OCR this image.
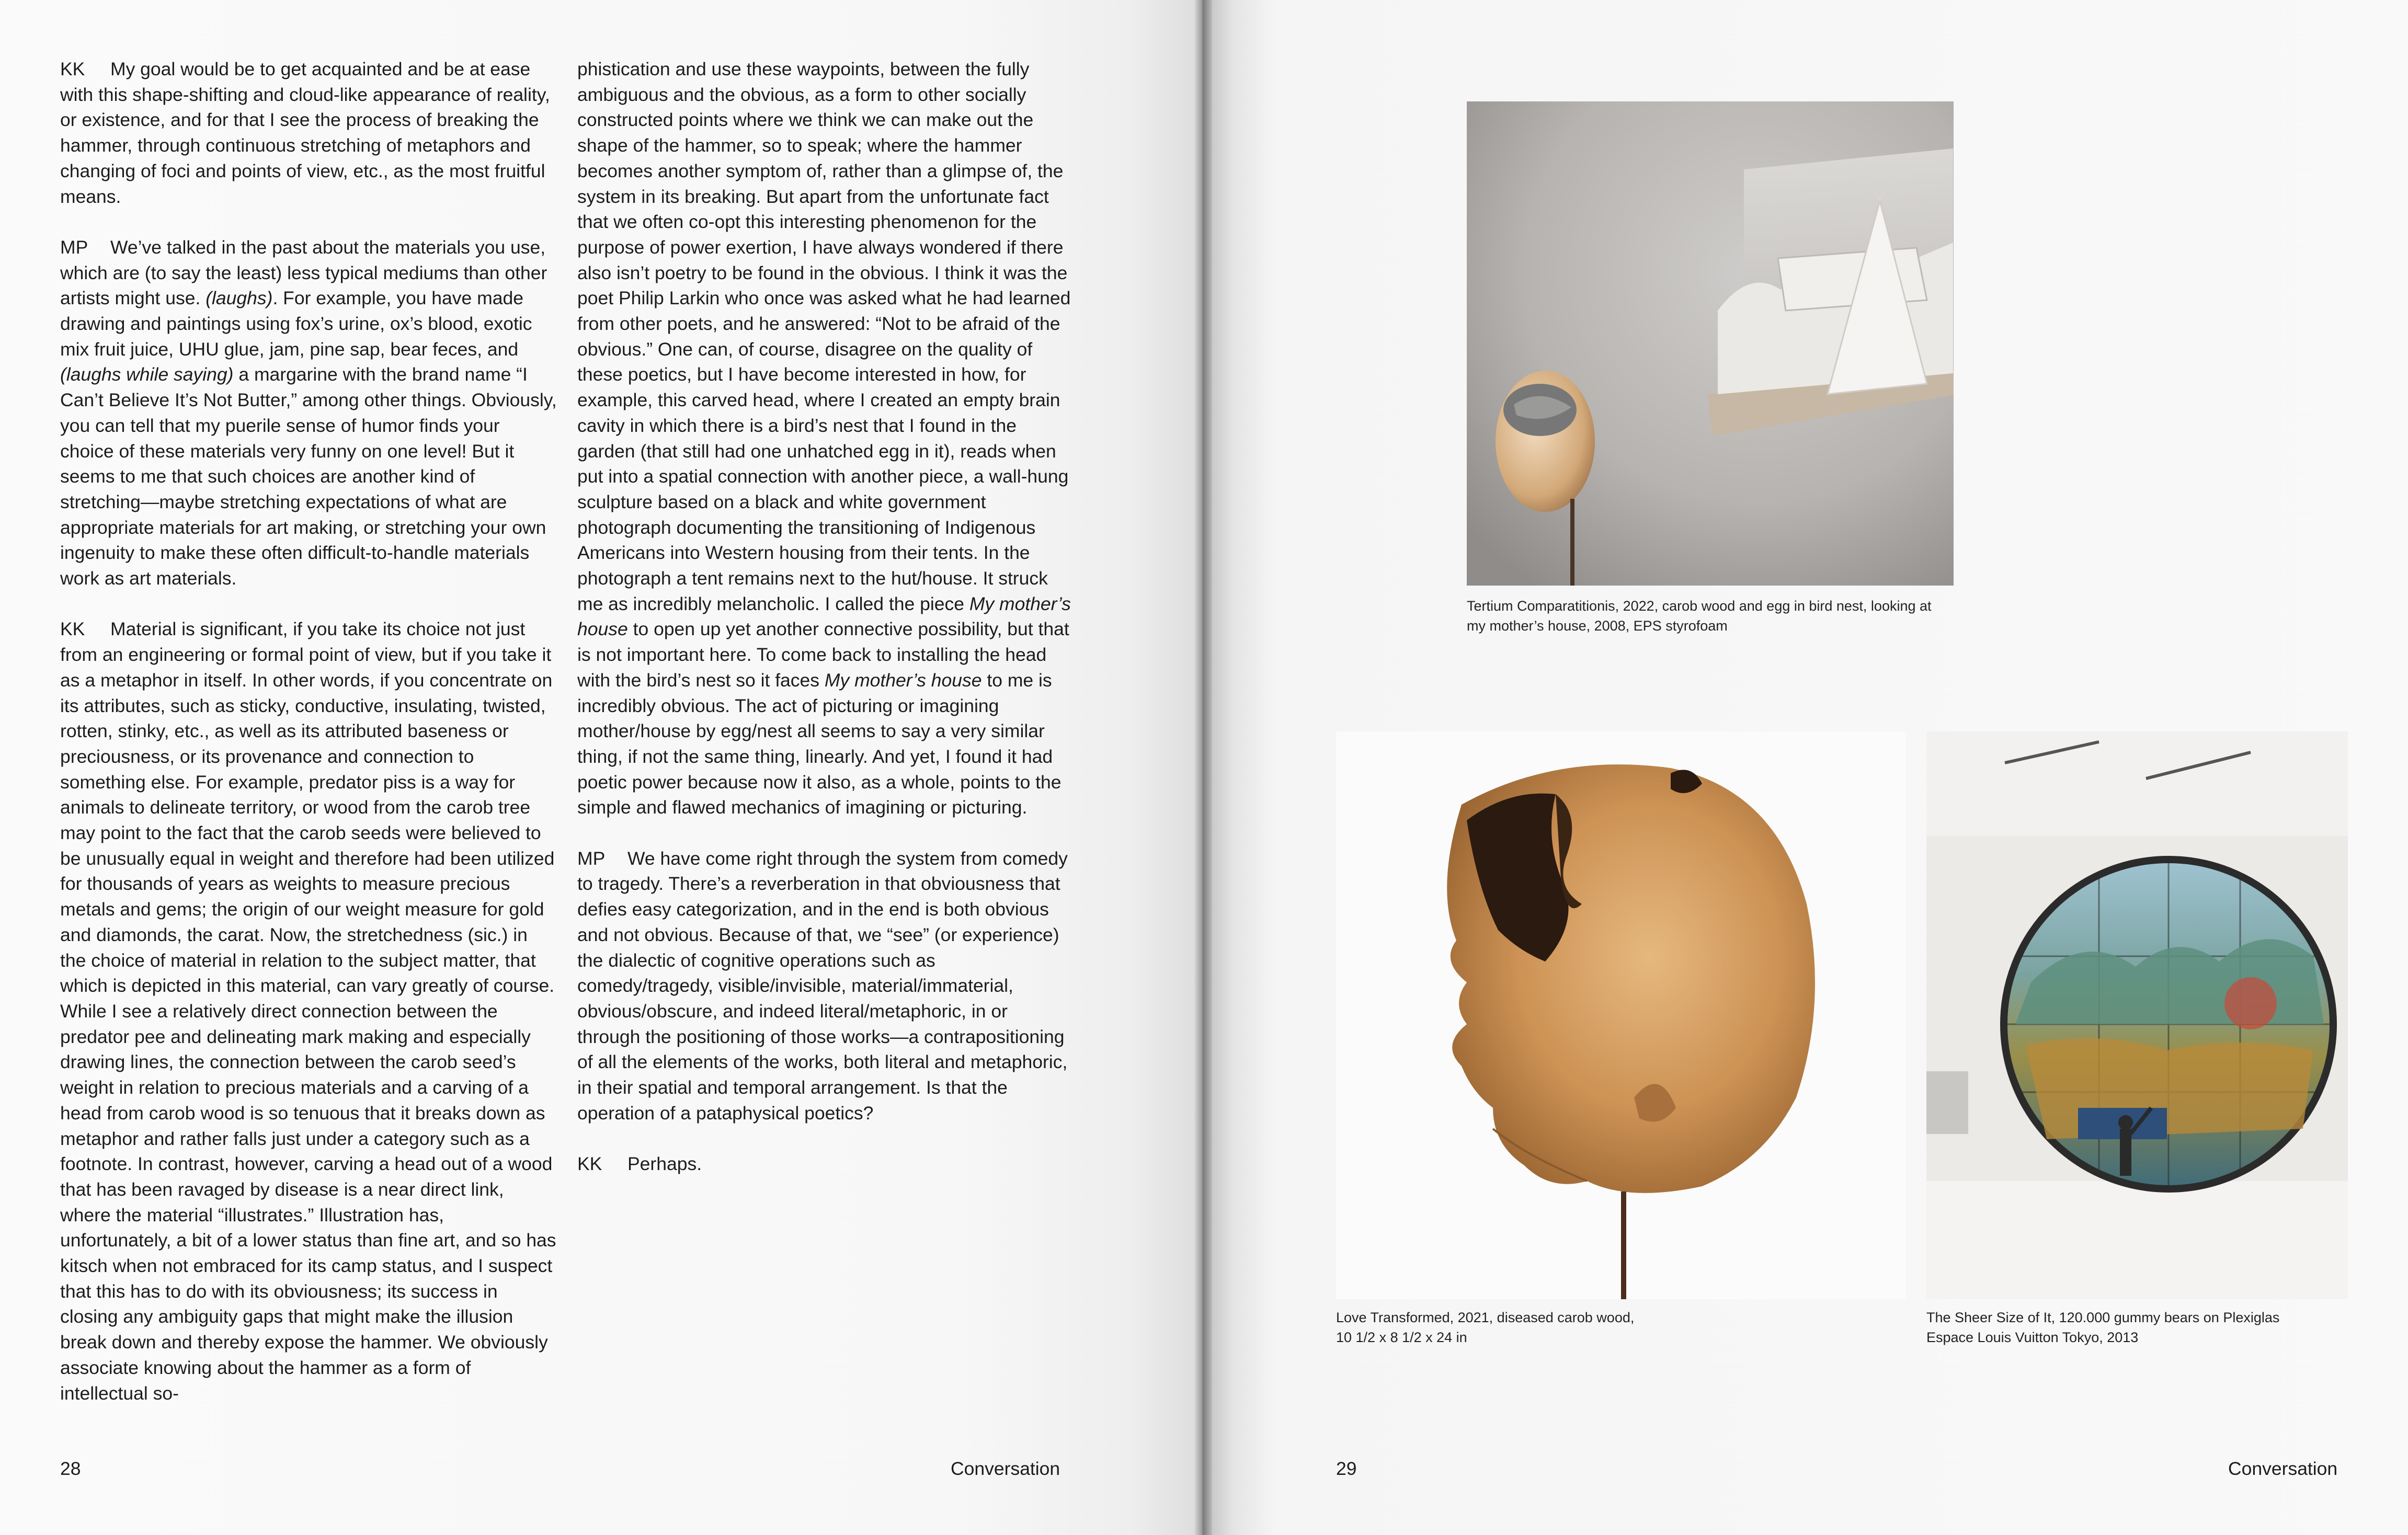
KK My goal would be to get acquainted and be at ease with this shape-shifting and cloud-like appearance of reality, or existence, and for that I see the process of breaking the hammer, through continuous stretching of metaphors and changing of foci and points of view, etc., as the most fruitful means.

MP We’ve talked in the past about the materials you use, which are (to say the least) less typical mediums than other artists might use. (laughs). For example, you have made drawing and paintings using fox’s urine, ox’s blood, exotic mix fruit juice, UHU glue, jam, pine sap, bear feces, and (laughs while saying) a margarine with the brand name “I Can’t Believe It’s Not Butter,” among other things. Obviously, you can tell that my puerile sense of humor finds your choice of these materials very funny on one level! But it seems to me that such choices are another kind of stretching—maybe stretching expectations of what are appropriate materials for art making, or stretching your own ingenuity to make these often difficult-to-handle materials work as art materials.

KK Material is significant, if you take its choice not just from an engineering or formal point of view, but if you take it as a metaphor in itself. In other words, if you concentrate on its attributes, such as sticky, conductive, insulating, twisted, rotten, stinky, etc., as well as its attributed baseness or preciousness, or its provenance and connection to something else. For example, predator piss is a way for animals to delineate territory, or wood from the carob tree may point to the fact that the carob seeds were believed to be unusually equal in weight and therefore had been utilized for thousands of years as weights to measure precious metals and gems; the origin of our weight measure for gold and diamonds, the carat. Now, the stretchedness (sic.) in the choice of material in relation to the subject matter, that which is depicted in this material, can vary greatly of course. While I see a relatively direct connection between the predator pee and delineating mark making and especially drawing lines, the connection between the carob seed’s weight in relation to precious materials and a carving of a head from carob wood is so tenuous that it breaks down as metaphor and rather falls just under a category such as a footnote. In contrast, however, carving a head out of a wood that has been ravaged by disease is a near direct link, where the material “illustrates.” Illustration has, unfortunately, a bit of a lower status than fine art, and so has kitsch when not embraced for its camp status, and I suspect that this has to do with its obviousness; its success in closing any ambiguity gaps that might make the illusion break down and thereby expose the hammer. We obviously associate knowing about the hammer as a form of intellectual so-

phistication and use these waypoints, between the fully ambiguous and the obvious, as a form to other socially constructed points where we think we can make out the shape of the hammer, so to speak; where the hammer becomes another symptom of, rather than a glimpse of, the system in its breaking. But apart from the unfortunate fact that we often co-opt this interesting phenomenon for the purpose of power exertion, I have always wondered if there also isn’t poetry to be found in the obvious. I think it was the poet Philip Larkin who once was asked what he had learned from other poets, and he answered: “Not to be afraid of the obvious.” One can, of course, disagree on the quality of these poetics, but I have become interested in how, for example, this carved head, where I created an empty brain cavity in which there is a bird’s nest that I found in the garden (that still had one unhatched egg in it), reads when put into a spatial connection with another piece, a wall-hung sculpture based on a black and white government photograph documenting the transitioning of Indigenous Americans into Western housing from their tents. In the photograph a tent remains next to the hut/house. It struck me as incredibly melancholic. I called the piece My mother’s house to open up yet another connective possibility, but that is not important here. To come back to installing the head with the bird’s nest so it faces My mother’s house to me is incredibly obvious. The act of picturing or imagining mother/house by egg/nest all seems to say a very similar thing, if not the same thing, linearly. And yet, I found it had poetic power because now it also, as a whole, points to the simple and flawed mechanics of imagining or picturing.

MP We have come right through the system from comedy to tragedy. There’s a reverberation in that obviousness that defies easy categorization, and in the end is both obvious and not obvious. Because of that, we “see” (or experience) the dialectic of cognitive operations such as comedy/tragedy, visible/invisible, material/immaterial, obvious/obscure, and indeed literal/metaphoric, in or through the positioning of those works—a contrapositioning of all the elements of the works, both literal and metaphoric, in their spatial and temporal arrangement. Is that the operation of a pataphysical poetics?

KK Perhaps.

28	Conversation
Tertium Comparatitionis, 2022, carob wood and egg in bird nest, looking at
my mother’s house, 2008, EPS styrofoam
Love Transformed, 2021, diseased carob wood,
10 1/2 x 8 1/2 x 24 in
The Sheer Size of It, 120.000 gummy bears on Plexiglas
Espace Louis Vuitton Tokyo, 2013
29	Conversation
